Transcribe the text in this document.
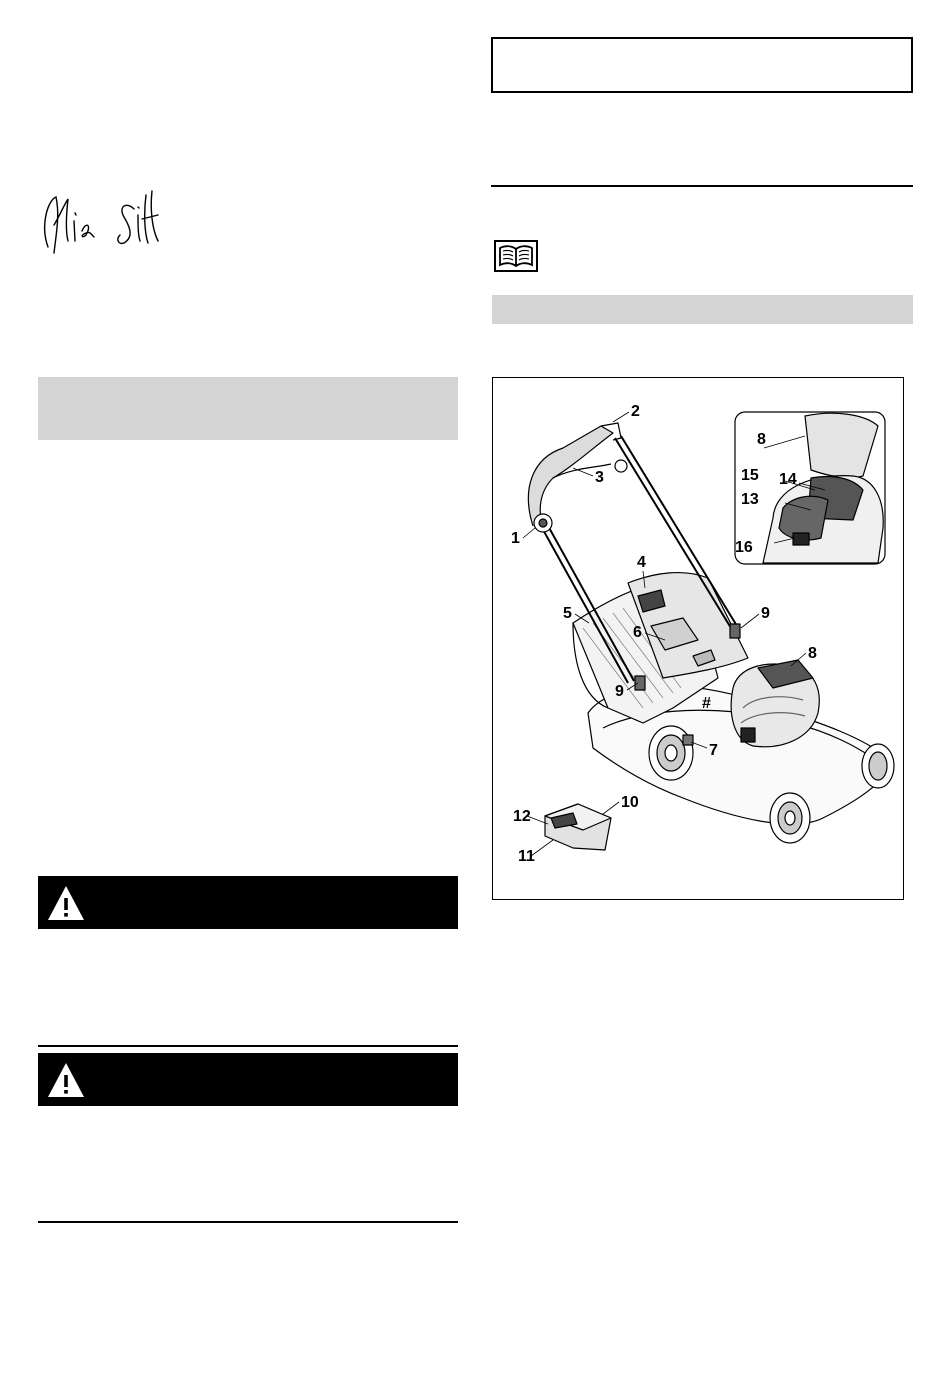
1
2
3
4
5
6
7
8
8
9
9
10
11
12
13
14
15
16
#
